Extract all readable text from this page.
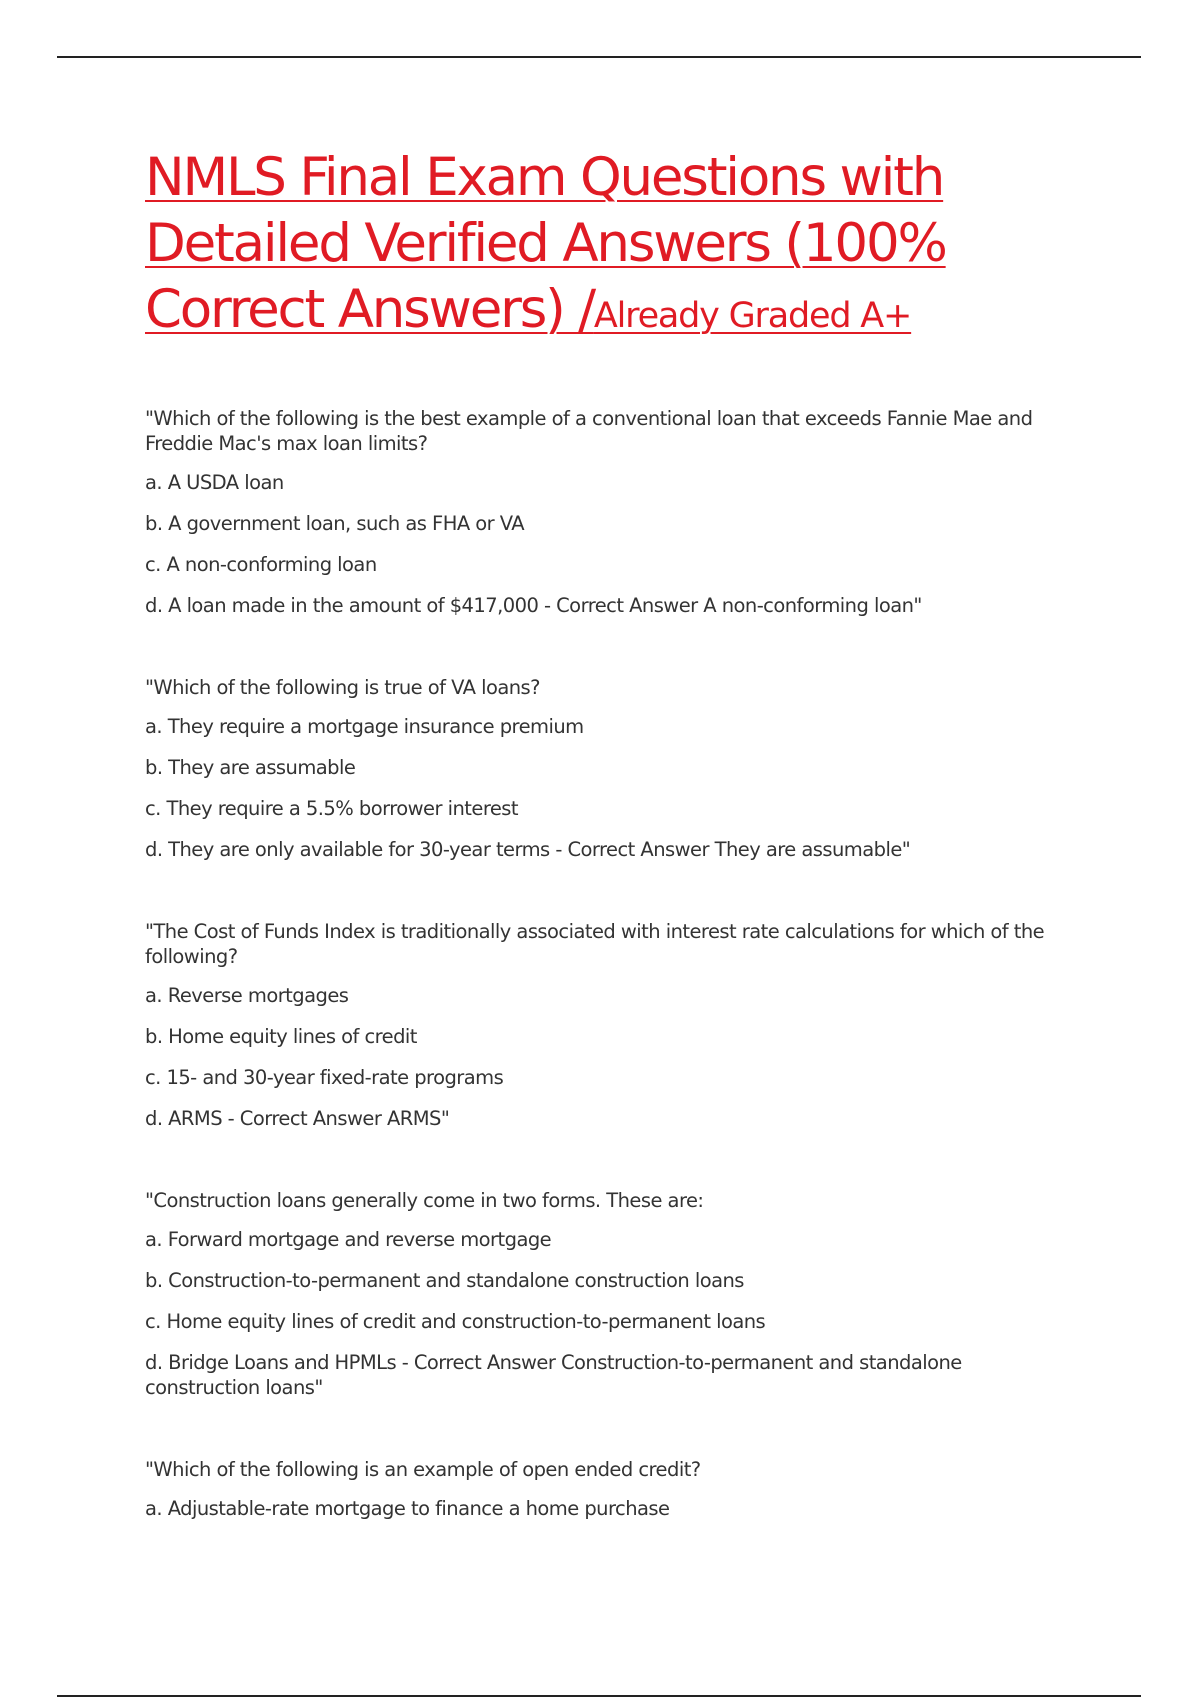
NMLS Final Exam Questions with Detailed Verified Answers (100% Correct Answers) /Already Graded A+

"Which of the following is the best example of a conventional loan that exceeds Fannie Mae and Freddie Mac's max loan limits?

a. A USDA loan

b. A government loan, such as FHA or VA

c. A non-conforming loan

d. A loan made in the amount of $417,000 - Correct Answer A non-conforming loan"

"Which of the following is true of VA loans?

a. They require a mortgage insurance premium

b. They are assumable

c. They require a 5.5% borrower interest

d. They are only available for 30-year terms - Correct Answer They are assumable"

"The Cost of Funds Index is traditionally associated with interest rate calculations for which of the following?

a. Reverse mortgages

b. Home equity lines of credit

c. 15- and 30-year fixed-rate programs

d. ARMS - Correct Answer ARMS"

"Construction loans generally come in two forms. These are:

a. Forward mortgage and reverse mortgage

b. Construction-to-permanent and standalone construction loans

c. Home equity lines of credit and construction-to-permanent loans

d. Bridge Loans and HPMLs - Correct Answer Construction-to-permanent and standalone construction loans"

"Which of the following is an example of open ended credit?

a. Adjustable-rate mortgage to finance a home purchase
